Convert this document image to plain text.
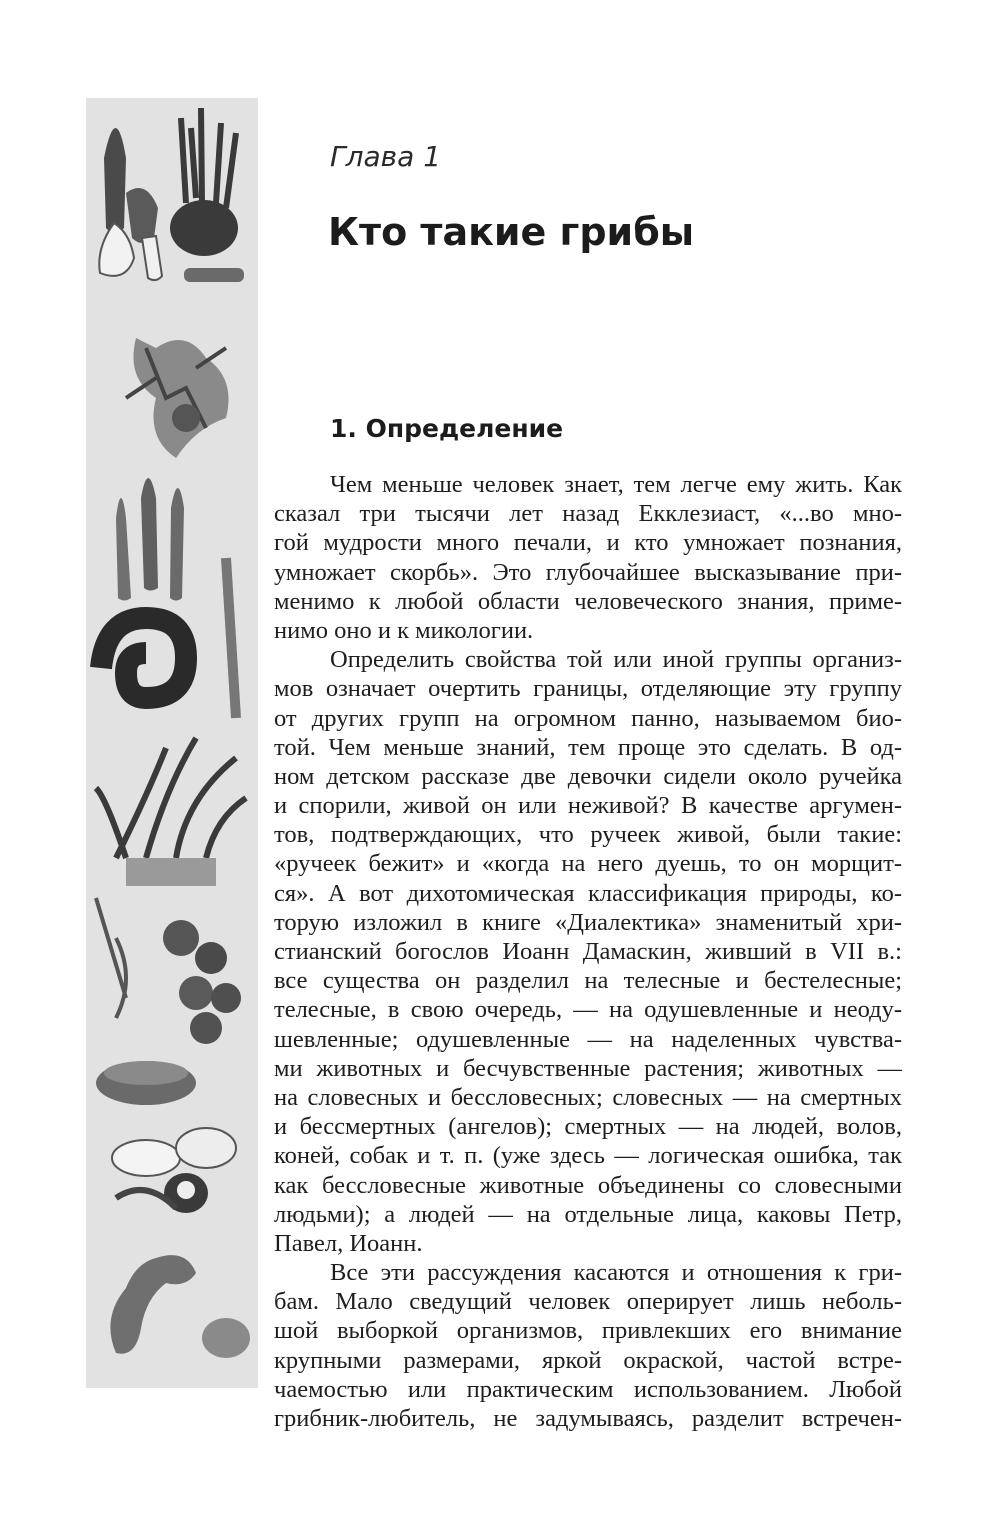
Глава 1
Кто такие грибы
1. Определение
Чем меньше человек знает, тем легче ему жить. Как
сказал три тысячи лет назад Екклезиаст, «...во мно-
гой мудрости много печали, и кто умножает познания,
умножает скорбь». Это глубочайшее высказывание при-
менимо к любой области человеческого знания, приме-
нимо оно и к микологии.
Определить свойства той или иной группы организ-
мов означает очертить границы, отделяющие эту группу
от других групп на огромном панно, называемом био-
той. Чем меньше знаний, тем проще это сделать. В од-
ном детском рассказе две девочки сидели около ручейка
и спорили, живой он или неживой? В качестве аргумен-
тов, подтверждающих, что ручеек живой, были такие:
«ручеек бежит» и «когда на него дуешь, то он морщит-
ся». А вот дихотомическая классификация природы, ко-
торую изложил в книге «Диалектика» знаменитый хри-
стианский богослов Иоанн Дамаскин, живший в VII в.:
все существа он разделил на телесные и бестелесные;
телесные, в свою очередь, — на одушевленные и неоду-
шевленные; одушевленные — на наделенных чувства-
ми животных и бесчувственные растения; животных —
на словесных и бессловесных; словесных — на смертных
и бессмертных (ангелов); смертных — на людей, волов,
коней, собак и т. п. (уже здесь — логическая ошибка, так
как бессловесные животные объединены со словесными
людьми); а людей — на отдельные лица, каковы Петр,
Павел, Иоанн.
Все эти рассуждения касаются и отношения к гри-
бам. Мало сведущий человек оперирует лишь неболь-
шой выборкой организмов, привлекших его внимание
крупными размерами, яркой окраской, частой встре-
чаемостью или практическим использованием. Любой
грибник-любитель, не задумываясь, разделит встречен-
